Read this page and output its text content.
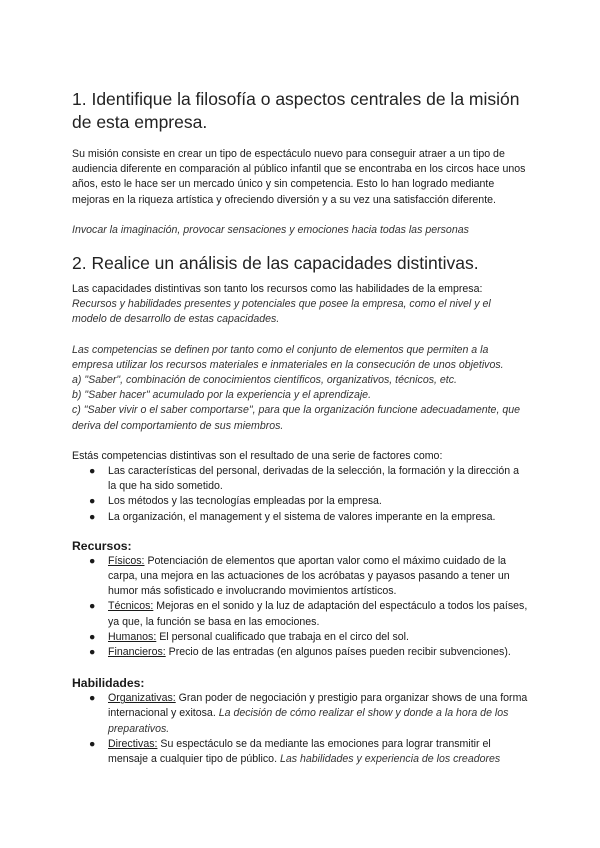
1. Identifique la filosofía o aspectos centrales de la misión de esta empresa.

Su misión consiste en crear un tipo de espectáculo nuevo para conseguir atraer a un tipo de audiencia diferente en comparación al público infantil que se encontraba en los circos hace unos años, esto le hace ser un mercado único y sin competencia. Esto lo han logrado mediante mejoras en la riqueza artística y ofreciendo diversión y a su vez una satisfacción diferente.

Invocar la imaginación, provocar sensaciones y emociones hacia todas las personas

2. Realice un análisis de las capacidades distintivas.

Las capacidades distintivas son tanto los recursos como las habilidades de la empresa: Recursos y habilidades presentes y potenciales que posee la empresa, como el nivel y el modelo de desarrollo de estas capacidades.

Las competencias se definen por tanto como el conjunto de elementos que permiten a la empresa utilizar los recursos materiales e inmateriales en la consecución de unos objetivos.

a) "Saber", combinación de conocimientos científicos, organizativos, técnicos, etc.

b) "Saber hacer" acumulado por la experiencia y el aprendizaje.

c) "Saber vivir o el saber comportarse", para que la organización funcione adecuadamente, que deriva del comportamiento de sus miembros.

Estás competencias distintivas son el resultado de una serie de factores como:

● Las características del personal, derivadas de la selección, la formación y la dirección a la que ha sido sometido.
● Los métodos y las tecnologías empleadas por la empresa.
● La organización, el management y el sistema de valores imperante en la empresa.

Recursos:

● Físicos: Potenciación de elementos que aportan valor como el máximo cuidado de la carpa, una mejora en las actuaciones de los acróbatas y payasos pasando a tener un humor más sofisticado e involucrando movimientos artísticos.
● Técnicos: Mejoras en el sonido y la luz de adaptación del espectáculo a todos los países, ya que, la función se basa en las emociones.
● Humanos: El personal cualificado que trabaja en el circo del sol.
● Financieros: Precio de las entradas (en algunos países pueden recibir subvenciones).

Habilidades:

● Organizativas: Gran poder de negociación y prestigio para organizar shows de una forma internacional y exitosa. La decisión de cómo realizar el show y donde a la hora de los preparativos.
● Directivas: Su espectáculo se da mediante las emociones para lograr transmitir el mensaje a cualquier tipo de público. Las habilidades y experiencia de los creadores
